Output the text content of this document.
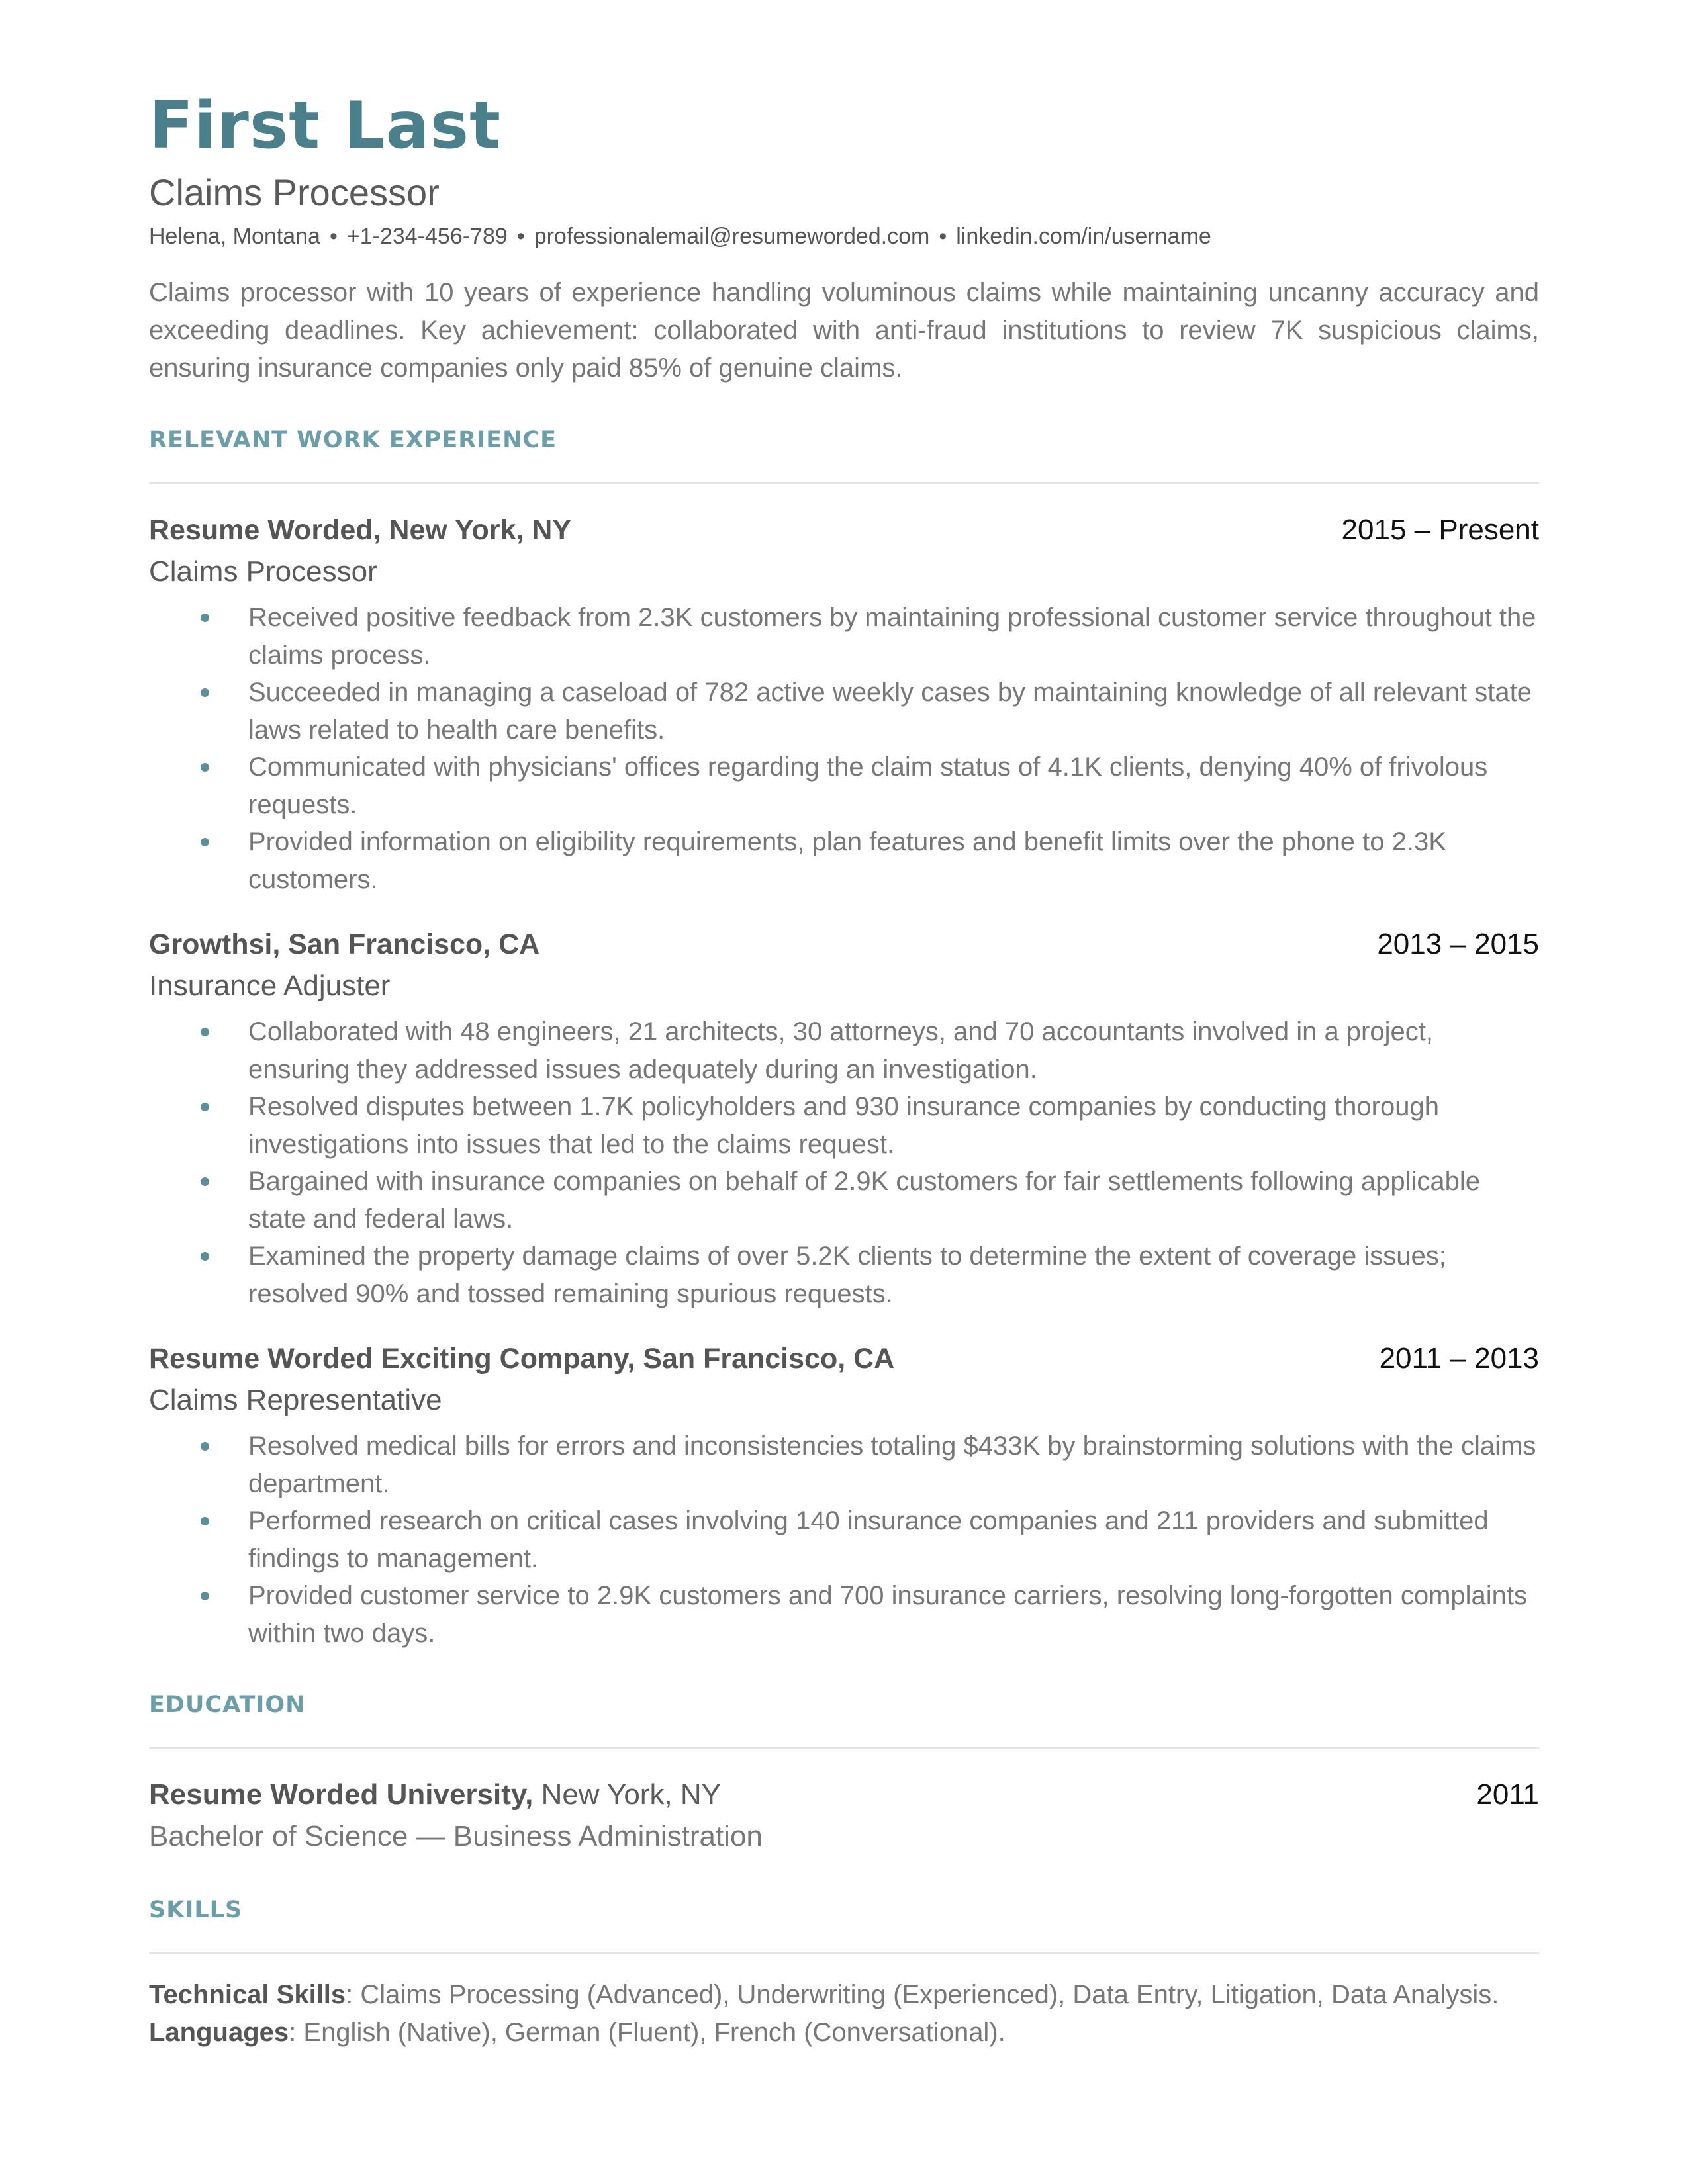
First Last
Claims Processor
Helena, Montana • +1-234-456-789 • professionalemail@resumeworded.com • linkedin.com/in/username
Claims processor with 10 years of experience handling voluminous claims while maintaining uncanny accuracy and exceeding deadlines. Key achievement: collaborated with anti-fraud institutions to review 7K suspicious claims, ensuring insurance companies only paid 85% of genuine claims.
RELEVANT WORK EXPERIENCE
Resume Worded, New York, NY	2015 – Present
Claims Processor
Received positive feedback from 2.3K customers by maintaining professional customer service throughout the claims process.
Succeeded in managing a caseload of 782 active weekly cases by maintaining knowledge of all relevant state laws related to health care benefits.
Communicated with physicians' offices regarding the claim status of 4.1K clients, denying 40% of frivolous requests.
Provided information on eligibility requirements, plan features and benefit limits over the phone to 2.3K customers.
Growthsi, San Francisco, CA	2013 – 2015
Insurance Adjuster
Collaborated with 48 engineers, 21 architects, 30 attorneys, and 70 accountants involved in a project, ensuring they addressed issues adequately during an investigation.
Resolved disputes between 1.7K policyholders and 930 insurance companies by conducting thorough investigations into issues that led to the claims request.
Bargained with insurance companies on behalf of 2.9K customers for fair settlements following applicable state and federal laws.
Examined the property damage claims of over 5.2K clients to determine the extent of coverage issues; resolved 90% and tossed remaining spurious requests.
Resume Worded Exciting Company, San Francisco, CA	2011 – 2013
Claims Representative
Resolved medical bills for errors and inconsistencies totaling $433K by brainstorming solutions with the claims department.
Performed research on critical cases involving 140 insurance companies and 211 providers and submitted findings to management.
Provided customer service to 2.9K customers and 700 insurance carriers, resolving long-forgotten complaints within two days.
EDUCATION
Resume Worded University, New York, NY	2011
Bachelor of Science — Business Administration
SKILLS
Technical Skills: Claims Processing (Advanced), Underwriting (Experienced), Data Entry, Litigation, Data Analysis.
Languages: English (Native), German (Fluent), French (Conversational).
